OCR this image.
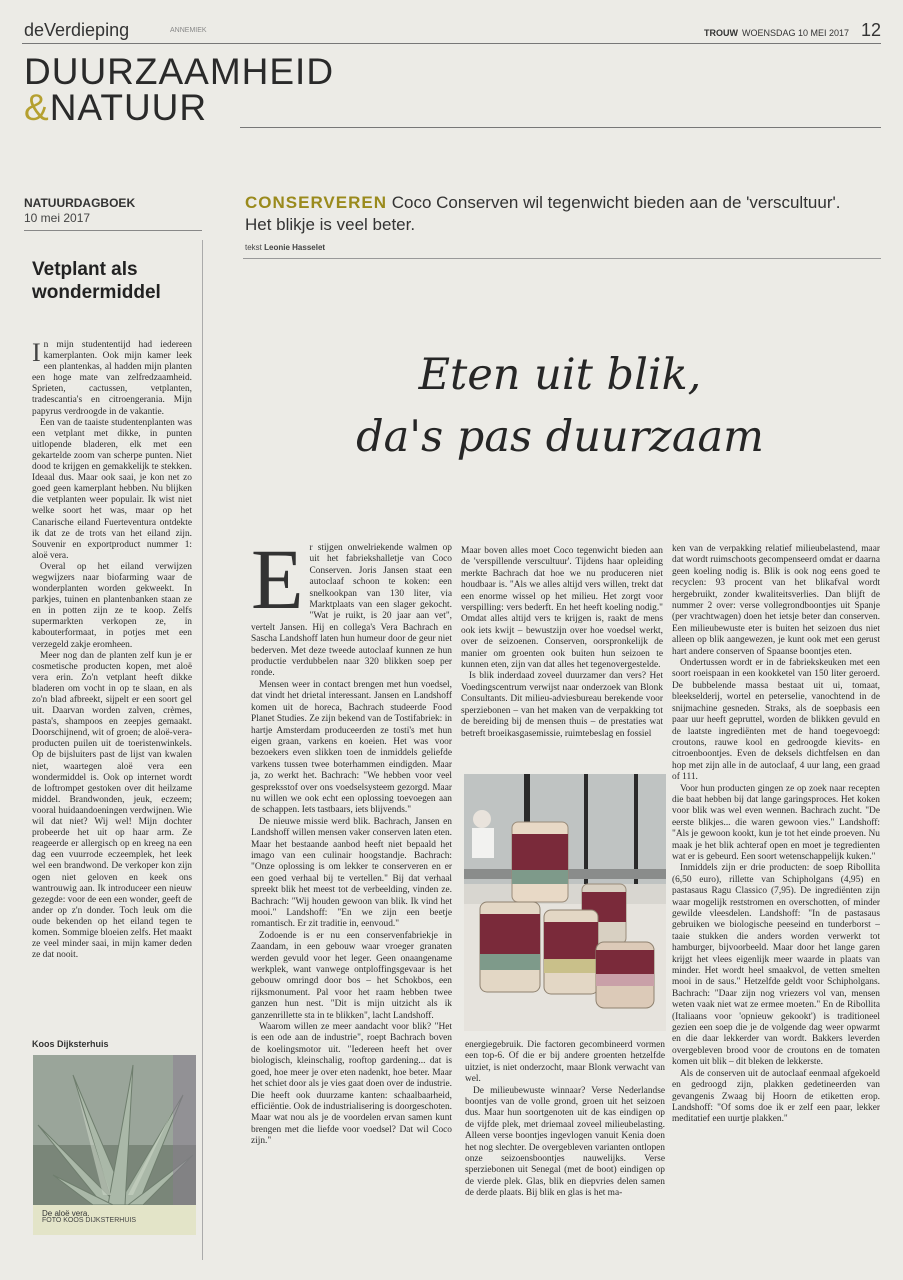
deVerdieping	ANNEMIEK	TROUW WOENSDAG 10 MEI 2017 12
DUURZAAMHEID
&NATUUR
NATUURDAGBOEK
10 mei 2017
Vetplant als wondermiddel

In mijn studententijd had iedereen kamerplanten. Ook mijn kamer leek een plantenkas, al hadden mijn planten een hoge mate van zelfredzaamheid. Sprieten, cactussen, vetplanten, tradescantia's en citroengerania. Mijn papyrus verdroogde in de vakantie.

Een van de taaiste studentenplanten was een vetplant met dikke, in punten uitlopende bladeren, elk met een gekartelde zoom van scherpe punten. Niet dood te krijgen en gemakkelijk te stekken. Ideaal dus. Maar ook saai, je kon net zo goed geen kamerplant hebben. Nu blijken die vetplanten weer populair. Ik wist niet welke soort het was, maar op het Canarische eiland Fuerteventura ontdekte ik dat ze de trots van het eiland zijn. Souvenir en exportproduct nummer 1: aloë vera.

Overal op het eiland verwijzen wegwijzers naar biofarming waar de wonderplanten worden gekweekt. In parkjes, tuinen en plantenbanken staan ze en in potten zijn ze te koop. Zelfs supermarkten verkopen ze, in kabouterformaat, in potjes met een verzegeld zakje eromheen.

Meer nog dan de planten zelf kun je er cosmetische producten kopen, met aloë vera erin. Zo'n vetplant heeft dikke bladeren om vocht in op te slaan, en als zo'n blad afbreekt, sijpelt er een soort gel uit. Daarvan worden zalven, crèmes, pasta's, shampoos en zeepjes gemaakt. Doorschijnend, wit of groen; de aloë-vera-producten puilen uit de toeristenwinkels. Op de bijsluiters past de lijst van kwalen niet, waartegen aloë vera een wondermiddel is. Ook op internet wordt de loftrompet gestoken over dit heilzame middel. Brandwonden, jeuk, eczeem; vooral huidaandoeningen verdwijnen. Wie wil dat niet? Wij wel! Mijn dochter probeerde het uit op haar arm. Ze reageerde er allergisch op en kreeg na een dag een vuurrode eczeemplek, het leek wel een brandwond. De verkoper kon zijn ogen niet geloven en keek ons wantrouwig aan. Ik introduceer een nieuw gezegde: voor de een een wonder, geeft de ander op z'n donder. Toch leuk om die oude bekenden op het eiland tegen te komen. Sommige bloeien zelfs. Het maakt ze veel minder saai, in mijn kamer deden ze dat nooit.

Koos Dijksterhuis
De aloë vera.
FOTO KOOS DIJKSTERHUIS
CONSERVEREN Coco Conserven wil tegenwicht bieden aan de 'verscultuur'. Het blikje is veel beter.
tekst Leonie Hasselet
Eten uit blik,
da's pas duurzaam

Er stijgen onwelriekende walmen op uit het fabriekshalletje van Coco Conserven. Joris Jansen staat een autoclaaf schoon te koken: een snelkookpan van 130 liter, via Marktplaats van een slager gekocht. "Wat je ruikt, is 20 jaar aan vet", vertelt Jansen. Hij en collega's Vera Bachrach en Sascha Landshoff laten hun humeur door de geur niet bederven. Met deze tweede autoclaaf kunnen ze hun productie verdubbelen naar 320 blikken soep per ronde.

Mensen weer in contact brengen met hun voedsel, dat vindt het drietal interessant. Jansen en Landshoff komen uit de horeca, Bachrach studeerde Food Planet Studies. Ze zijn bekend van de Tostifabriek: in hartje Amsterdam produceerden ze tosti's met hun eigen graan, varkens en koeien. Het was voor bezoekers even slikken toen de inmiddels geliefde varkens tussen twee boterhammen eindigden. Maar ja, zo werkt het. Bachrach: "We hebben voor veel gespreksstof over ons voedselsysteem gezorgd. Maar nu willen we ook echt een oplossing toevoegen aan de schappen. Iets tastbaars, iets blijvends."

De nieuwe missie werd blik. Bachrach, Jansen en Landshoff willen mensen vaker conserven laten eten. Maar het bestaande aanbod heeft niet bepaald het imago van een culinair hoogstandje. Bachrach: "Onze oplossing is om lekker te conserveren en er een goed verhaal bij te vertellen." Bij dat verhaal spreekt blik het meest tot de verbeelding, vinden ze. Bachrach: "Wij houden gewoon van blik. Ik vind het mooi." Landshoff: "En we zijn een beetje romantisch. Er zit traditie in, eenvoud."

Zodoende is er nu een conservenfabriekje in Zaandam, in een gebouw waar vroeger granaten werden gevuld voor het leger. Geen onaangename werkplek, want vanwege ontploffingsgevaar is het gebouw omringd door bos – het Schokbos, een rijksmonument. Pal voor het raam hebben twee ganzen hun nest. "Dit is mijn uitzicht als ik ganzenrillette sta in te blikken", lacht Landshoff.

Waarom willen ze meer aandacht voor blik? "Het is een ode aan de industrie", roept Bachrach boven de koelingsmotor uit. "Iedereen heeft het over biologisch, kleinschalig, rooftop gardening... dat is goed, hoe meer je over eten nadenkt, hoe beter. Maar het schiet door als je vies gaat doen over de industrie. Die heeft ook duurzame kanten: schaalbaarheid, efficiëntie. Ook de industrialisering is doorgeschoten. Maar wat nou als je de voordelen ervan samen kunt brengen met die liefde voor voedsel? Dat wil Coco zijn."

Maar boven alles moet Coco tegenwicht bieden aan de 'verspillende verscultuur'. Tijdens haar opleiding merkte Bachrach dat hoe we nu produceren niet houdbaar is. "Als we alles altijd vers willen, trekt dat een enorme wissel op het milieu. Het zorgt voor verspilling: vers bederft. En het heeft koeling nodig." Omdat alles altijd vers te krijgen is, raakt de mens ook iets kwijt – bewustzijn over hoe voedsel werkt, over de seizoenen. Conserven, oorspronkelijk de manier om groenten ook buiten hun seizoen te kunnen eten, zijn van dat alles het tegenovergestelde.

Is blik inderdaad zoveel duurzamer dan vers? Het Voedingscentrum verwijst naar onderzoek van Blonk Consultants. Dit milieu-adviesbureau berekende voor sperziebonen – van het maken van de verpakking tot de bereiding bij de mensen thuis – de prestaties wat betreft broeikasgasemissie, ruimtebeslag en fossiel

energiegebruik. Die factoren gecombineerd vormen een top-6. Of die er bij andere groenten hetzelfde uitziet, is niet onderzocht, maar Blonk verwacht van wel.

De milieubewuste winnaar? Verse Nederlandse boontjes van de volle grond, groen uit het seizoen dus. Maar hun soortgenoten uit de kas eindigen op de vijfde plek, met driemaal zoveel milieubelasting. Alleen verse boontjes ingevlogen vanuit Kenia doen het nog slechter. De overgebleven varianten ontlopen onze seizoensboontjes nauwelijks. Verse sperziebonen uit Senegal (met de boot) eindigen op de vierde plek. Glas, blik en diepvries delen samen de derde plaats. Bij blik en glas is het ma-

ken van de verpakking relatief milieubelastend, maar dat wordt ruimschoots gecompenseerd omdat er daarna geen koeling nodig is. Blik is ook nog eens goed te recyclen: 93 procent van het blikafval wordt hergebruikt, zonder kwaliteitsverlies. Dan blijft de nummer 2 over: verse vollegrondboontjes uit Spanje (per vrachtwagen) doen het ietsje beter dan conserven. Een milieubewuste eter is buiten het seizoen dus niet alleen op blik aangewezen, je kunt ook met een gerust hart andere conserven of Spaanse boontjes eten.

Ondertussen wordt er in de fabriekskeuken met een soort roeispaan in een kookketel van 150 liter geroerd. De bubbelende massa bestaat uit ui, tomaat, bleekselderij, wortel en peterselie, vanochtend in de snijmachine gesneden. Straks, als de soepbasis een paar uur heeft gepruttel, worden de blikken gevuld en de laatste ingrediënten met de hand toegevoegd: croutons, rauwe kool en gedroogde kievits- en citroenboontjes. Even de deksels dichtfelsen en dan hop met zijn alle in de autoclaaf, 4 uur lang, een graad of 111.

Voor hun producten gingen ze op zoek naar recepten die baat hebben bij dat lange garingsproces. Het koken voor blik was wel even wennen. Bachrach zucht. "De eerste blikjes... die waren gewoon vies." Landshoff: "Als je gewoon kookt, kun je tot het einde proeven. Nu maak je het blik achteraf open en moet je tegredienten wat er is gebeurd. Een soort wetenschappelijk kuken."

Inmiddels zijn er drie producten: de soep Ribollita (6,50 euro), rillette van Schipholgans (4,95) en pastasaus Ragu Classico (7,95). De ingrediënten zijn waar mogelijk reststromen en overschotten, of minder gewilde vleesdelen. Landshoff: "In de pastasaus gebruiken we biologische peeseind en tunderborst – taaie stukken die anders worden verwerkt tot hamburger, bijvoorbeeld. Maar door het lange garen krijgt het vlees eigenlijk meer waarde in plaats van minder. Het wordt heel smaakvol, de vetten smelten mooi in de saus." Hetzelfde geldt voor Schipholgans. Bachrach: "Daar zijn nog vriezers vol van, mensen weten vaak niet wat ze ermee moeten." En de Ribollita (Italiaans voor 'opnieuw gekookt') is traditioneel gezien een soep die je de volgende dag weer opwarmt en die daar lekkerder van wordt. Bakkers leverden overgebleven brood voor de croutons en de tomaten komen uit blik – dit bleken de lekkerste.

Als de conserven uit de autoclaaf eenmaal afgekoeld en gedroogd zijn, plakken gedetineerden van gevangenis Zwaag bij Hoorn de etiketten erop. Landshoff: "Of soms doe ik er zelf een paar, lekker meditatief een uurtje plakken."
